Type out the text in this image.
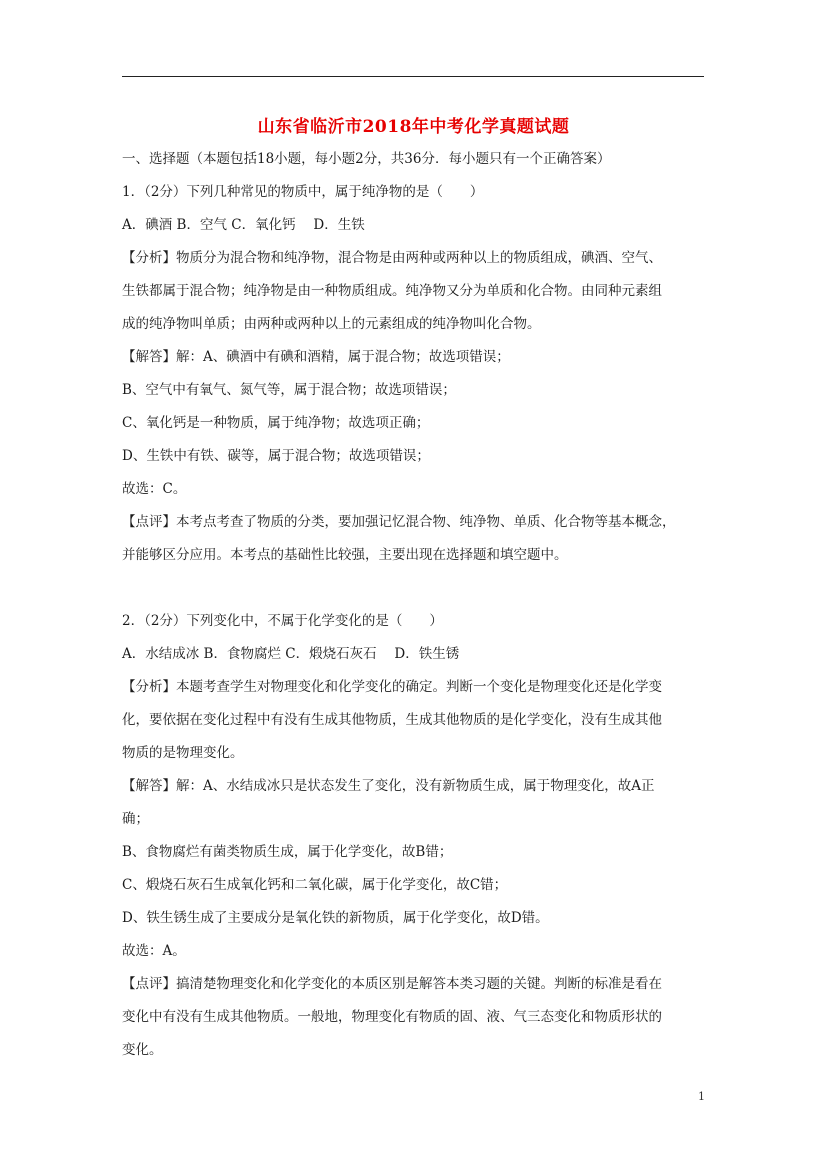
山东省临沂市2018年中考化学真题试题
一、选择题（本题包括18小题，每小题2分，共36分．每小题只有一个正确答案）
1．（2分）下列几种常见的物质中，属于纯净物的是（　　）
A．碘酒 B．空气 C．氧化钙　 D．生铁
【分析】物质分为混合物和纯净物，混合物是由两种或两种以上的物质组成，碘酒、空气、
生铁都属于混合物；纯净物是由一种物质组成。纯净物又分为单质和化合物。由同种元素组
成的纯净物叫单质；由两种或两种以上的元素组成的纯净物叫化合物。
【解答】解：A、碘酒中有碘和酒精，属于混合物；故选项错误；
B、空气中有氧气、氮气等，属于混合物；故选项错误；
C、氧化钙是一种物质，属于纯净物；故选项正确；
D、生铁中有铁、碳等，属于混合物；故选项错误；
故选：C。
【点评】本考点考查了物质的分类，要加强记忆混合物、纯净物、单质、化合物等基本概念，
并能够区分应用。本考点的基础性比较强，主要出现在选择题和填空题中。
2．（2分）下列变化中，不属于化学变化的是（　　）
A．水结成冰 B．食物腐烂 C．煅烧石灰石　 D．铁生锈
【分析】本题考查学生对物理变化和化学变化的确定。判断一个变化是物理变化还是化学变
化，要依据在变化过程中有没有生成其他物质，生成其他物质的是化学变化，没有生成其他
物质的是物理变化。
【解答】解：A、水结成冰只是状态发生了变化，没有新物质生成，属于物理变化，故A正
确；
B、食物腐烂有菌类物质生成，属于化学变化，故B错；
C、煅烧石灰石生成氧化钙和二氧化碳，属于化学变化，故C错；
D、铁生锈生成了主要成分是氧化铁的新物质，属于化学变化，故D错。
故选：A。
【点评】搞清楚物理变化和化学变化的本质区别是解答本类习题的关键。判断的标准是看在
变化中有没有生成其他物质。一般地，物理变化有物质的固、液、气三态变化和物质形状的
变化。
1
